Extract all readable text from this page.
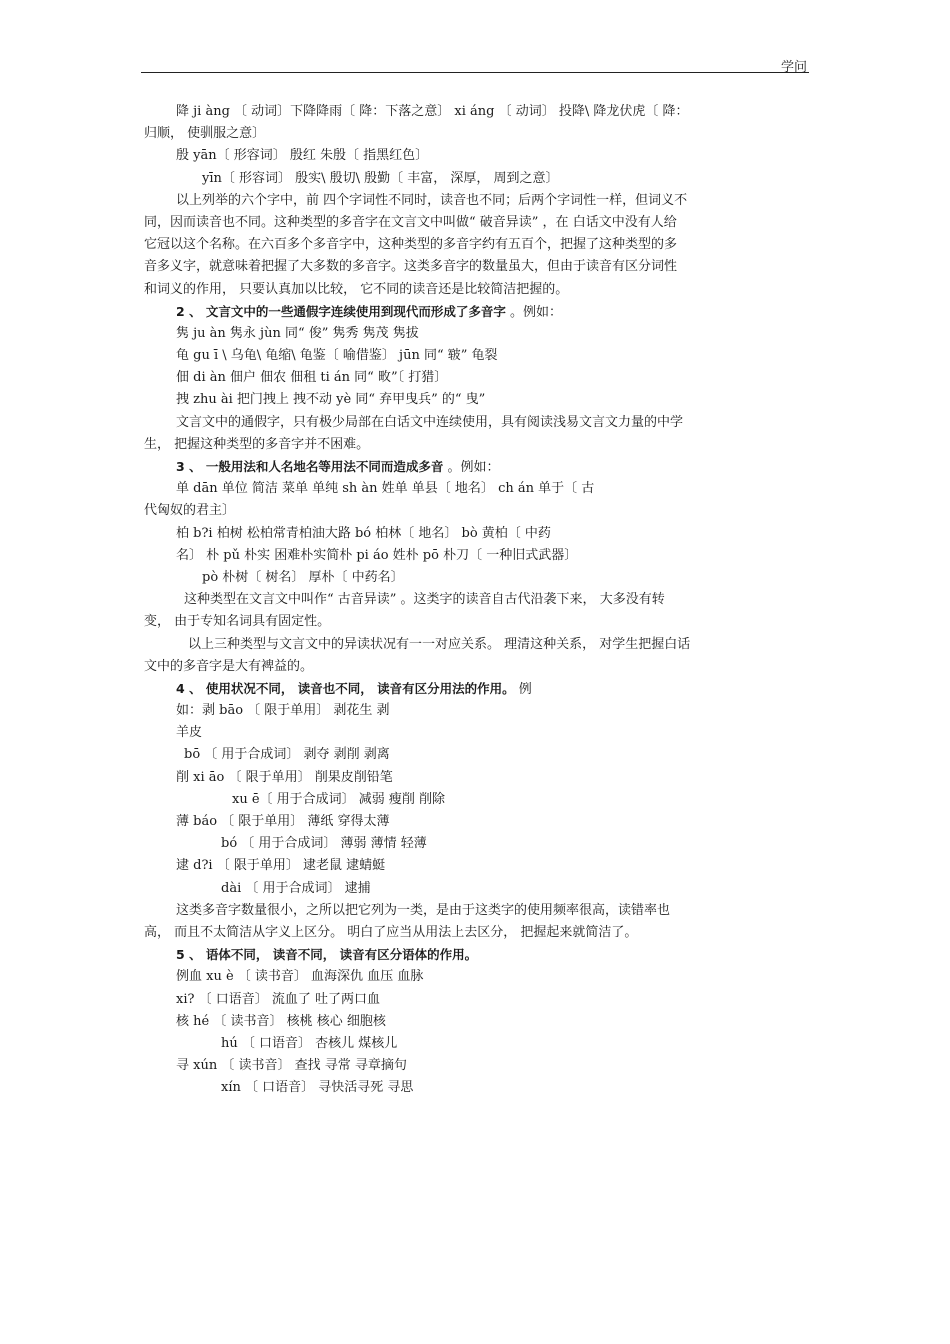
学问
降 ji àng 〔 动词〕下降降雨〔 降：下落之意〕 xi áng 〔 动词〕 投降\ 降龙伏虎〔 降：
归顺， 使驯服之意〕
殷 yān〔 形容词〕 殷红 朱殷〔 指黑红色〕
yīn〔 形容词〕 殷实\ 殷切\ 殷勤〔 丰富， 深厚， 周到之意〕
以上列举的六个字中，前 四个字词性不同时，读音也不同；后两个字词性一样，但词义不
同，因而读音也不同。这种类型的多音字在文言文中叫做“ 破音异读” ，在 白话文中没有人给
它冠以这个名称。在六百多个多音字中，这种类型的多音字约有五百个，把握了这种类型的多
音多义字，就意味着把握了大多数的多音字。这类多音字的数量虽大，但由于读音有区分词性
和词义的作用， 只要认真加以比较， 它不同的读音还是比较简洁把握的。
2 、 文言文中的一些通假字连续使用到现代而形成了多音字 。例如：
隽 ju àn 隽永 jùn 同“ 俊” 隽秀 隽茂 隽拔
龟 gu ī \ 乌龟\ 龟缩\ 龟鉴〔 喻借鉴〕 jūn 同“ 皲” 龟裂
佃 di àn 佃户 佃农 佃租 ti án 同“ 畋”〔 打猎〕
拽 zhu ài 把门拽上 拽不动 yè 同“ 弃甲曳兵” 的“ 曳”
文言文中的通假字，只有极少局部在白话文中连续使用，具有阅读浅易文言文力量的中学
生， 把握这种类型的多音字并不困难。
3 、 一般用法和人名地名等用法不同而造成多音 。例如：
单 dān 单位 简洁 菜单 单纯 sh àn 姓单 单县〔 地名〕 ch án 单于〔 古
代匈奴的君主〕
柏 b?i 柏树 松柏常青柏油大路 bó 柏林〔 地名〕 bò 黄柏〔 中药
名〕 朴 pǔ 朴实 困难朴实简朴 pi áo 姓朴 pō 朴刀〔 一种旧式武器〕
pò 朴树〔 树名〕 厚朴〔 中药名〕
这种类型在文言文中叫作“ 古音异读” 。这类字的读音自古代沿袭下来， 大多没有转
变， 由于专知名词具有固定性。
以上三种类型与文言文中的异读状况有一一对应关系。 理清这种关系， 对学生把握白话
文中的多音字是大有裨益的。
4 、 使用状况不同， 读音也不同， 读音有区分用法的作用。 例
如：剥 bāo 〔 限于单用〕 剥花生 剥
羊皮
bō 〔 用于合成词〕 剥夺 剥削 剥离
削 xi āo 〔 限于单用〕 削果皮削铅笔
xu ē〔 用于合成词〕 减弱 瘦削 削除
薄 báo 〔 限于单用〕 薄纸 穿得太薄
bó 〔 用于合成词〕 薄弱 薄情 轻薄
逮 d?i 〔 限于单用〕 逮老鼠 逮蜻蜓
dài 〔 用于合成词〕 逮捕
这类多音字数量很小，之所以把它列为一类，是由于这类字的使用频率很高，读错率也
高， 而且不太简洁从字义上区分。 明白了应当从用法上去区分， 把握起来就简洁了。
5 、 语体不同， 读音不同， 读音有区分语体的作用。
例血 xu è 〔 读书音〕 血海深仇 血压 血脉
xi? 〔 口语音〕 流血了 吐了两口血
核 hé 〔 读书音〕 核桃 核心 细胞核
hú 〔 口语音〕 杏核儿 煤核儿
寻 xún 〔 读书音〕 查找 寻常 寻章摘句
xín 〔 口语音〕 寻快活寻死 寻思
